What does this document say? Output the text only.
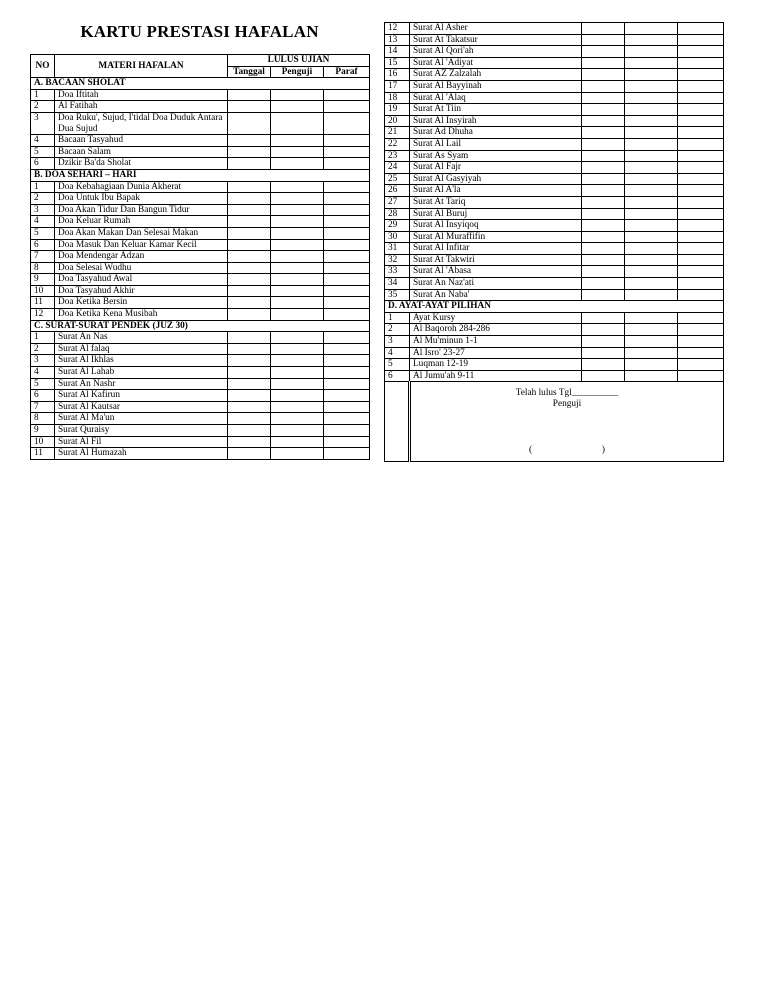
KARTU PRESTASI HAFALAN
NO	MATERI HAFALAN	LULUS UJIAN		
		Tanggal	Penguji	Paraf
A. BACAAN SHOLAT				
1	Doa Iftitah			
2	Al Fatihah			
3	Doa Ruku', Sujud, I'tidal Doa Duduk Antara Dua Sujud			
4	Bacaan Tasyahud			
5	Bacaan Salam			
6	Dzikir Ba'da Sholat			
B. DOA SEHARI – HARI				
1	Doa Kebahagiaan Dunia Akherat			
2	Doa Untuk Ibu Bapak			
3	Doa Akan Tidur Dan Bangun Tidur			
4	Doa Keluar Rumah			
5	Doa Akan Makan Dan Selesai Makan			
6	Doa Masuk Dan Keluar Kamar Kecil			
7	Doa Mendengar Adzan			
8	Doa Selesai Wudhu			
9	Doa Tasyahud Awal			
10	Doa Tasyahud Akhir			
11	Doa Ketika Bersin			
12	Doa Ketika Kena Musibah			
C. SURAT-SURAT PENDEK (JUZ 30)				
1	Surat An Nas			
2	Surat Al falaq			
3	Surat Al Ikhlas			
4	Surat Al Lahab			
5	Surat An Nashr			
6	Surat Al Kafirun			
7	Surat Al Kautsar			
8	Surat Al Ma'un			
9	Surat Quraisy			
10	Surat Al Fil			
11	Surat Al Humazah			
12	Surat Al Asher			
13	Surat At Takatsur			
14	Surat Al Qori'ah			
15	Surat Al 'Adiyat			
16	Surat AZ Zalzalah			
17	Surat Al Bayyinah			
18	Surat Al 'Alaq			
19	Surat At Tiin			
20	Surat Al Insyirah			
21	Surat Ad Dhuha			
22	Surat Al Lail			
23	Surat As Syam			
24	Surat Al Fajr			
25	Surat Al Gasyiyah			
26	Surat Al A'la			
27	Surat At Tariq			
28	Surat Al Buruj			
29	Surat Al Insyiqoq			
30	Surat Al Muraffifin			
31	Surat Al Infitar			
32	Surat At Takwiri			
33	Surat Al 'Abasa			
34	Surat An Naz'ati			
35	Surat An Naba'			
D. AYAT-AYAT PILIHAN				
1	Ayat Kursy			
2	Al Baqoroh 284-286			
3	Al Mu'minun 1-1			
4	Al Isro' 23-27			
5	Luqman 12-19			
6	Al Jumu'ah 9-11			

	Telah lulus Tgl__________
Penguji
(                              )			
